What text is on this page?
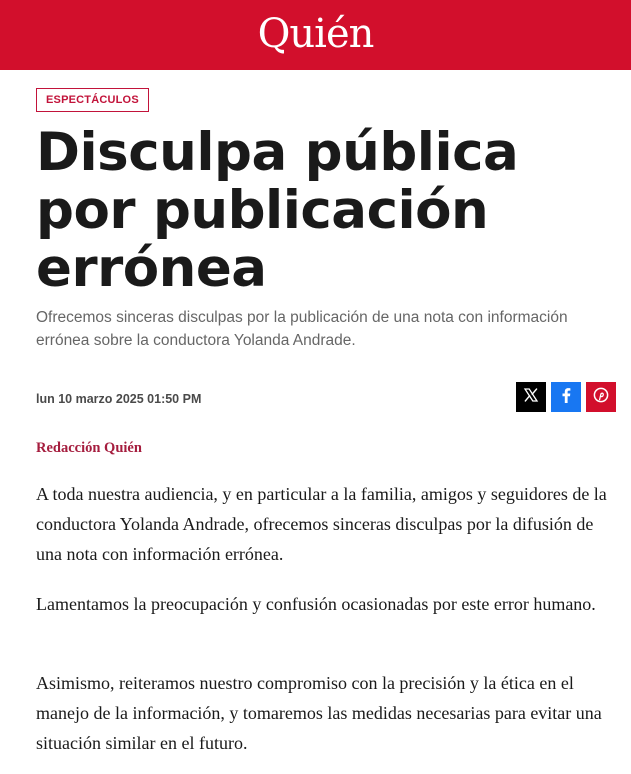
Quién
ESPECTÁCULOS
Disculpa pública por publicación errónea

Ofrecemos sinceras disculpas por la publicación de una nota con información errónea sobre la conductora Yolanda Andrade.

lun 10 marzo 2025 01:50 PM
Redacción Quién

A toda nuestra audiencia, y en particular a la familia, amigos y seguidores de la conductora Yolanda Andrade, ofrecemos sinceras disculpas por la difusión de una nota con información errónea.

Lamentamos la preocupación y confusión ocasionadas por este error humano.

Asimismo, reiteramos nuestro compromiso con la precisión y la ética en el manejo de la información, y tomaremos las medidas necesarias para evitar una situación similar en el futuro.
